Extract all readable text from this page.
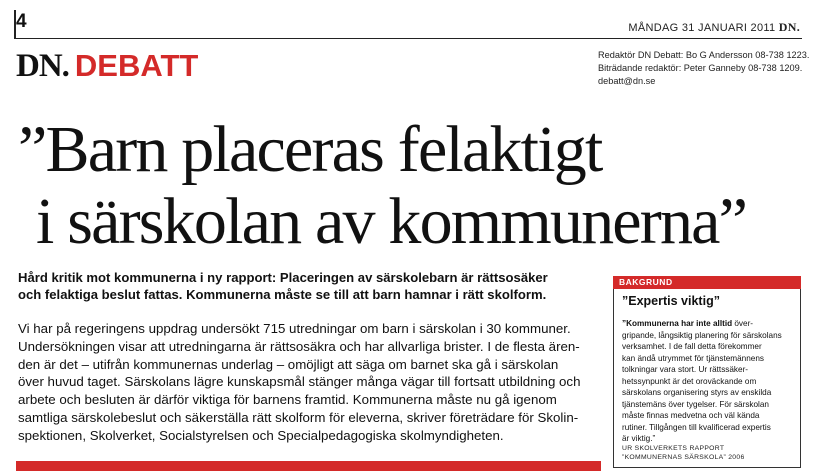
4	MÅNDAG 31 JANUARI 2011 DN.
DN. DEBATT	Redaktör DN Debatt: Bo G Andersson 08-738 1223.
Biträdande redaktör: Peter Ganneby 08-738 1209.
debatt@dn.se
”Barn placeras felaktigt
i särskolan av kommunerna”
Hård kritik mot kommunerna i ny rapport: Placeringen av särskolebarn är rättsosäker
och felaktiga beslut fattas. Kommunerna måste se till att barn hamnar i rätt skolform.
Vi har på regeringens uppdrag undersökt 715 utredningar om barn i särskolan i 30 kommuner.
Undersökningen visar att utredningarna är rättsosäkra och har allvarliga brister. I de flesta ären-
den är det – utifrån kommunernas underlag – omöjligt att säga om barnet ska gå i särskolan
över huvud taget. Särskolans lägre kunskapsmål stänger många vägar till fortsatt utbildning och
arbete och besluten är därför viktiga för barnens framtid. Kommunerna måste nu gå igenom
samtliga särskolebeslut och säkerställa rätt skolform för eleverna, skriver företrädare för Skolin-
spektionen, Skolverket, Socialstyrelsen och Specialpedagogiska skolmyndigheten.
BAKGRUND
”Expertis viktig”
”Kommunerna har inte alltid över-
gripande, långsiktig planering för särskolans
verksamhet. I de fall detta förekommer
kan ändå utrymmet för tjänstemännens
tolkningar vara stort. Ur rättssäker-
hetssynpunkt är det oroväckande om
särskolans organisering styrs av enskilda
tjänstemäns över tygelser. För särskolan
måste finnas medvetna och väl kända
rutiner. Tillgången till kvalificerad expertis
är viktig.”
UR SKOLVERKETS RAPPORT
”KOMMUNERNAS SÄRSKOLA” 2006
